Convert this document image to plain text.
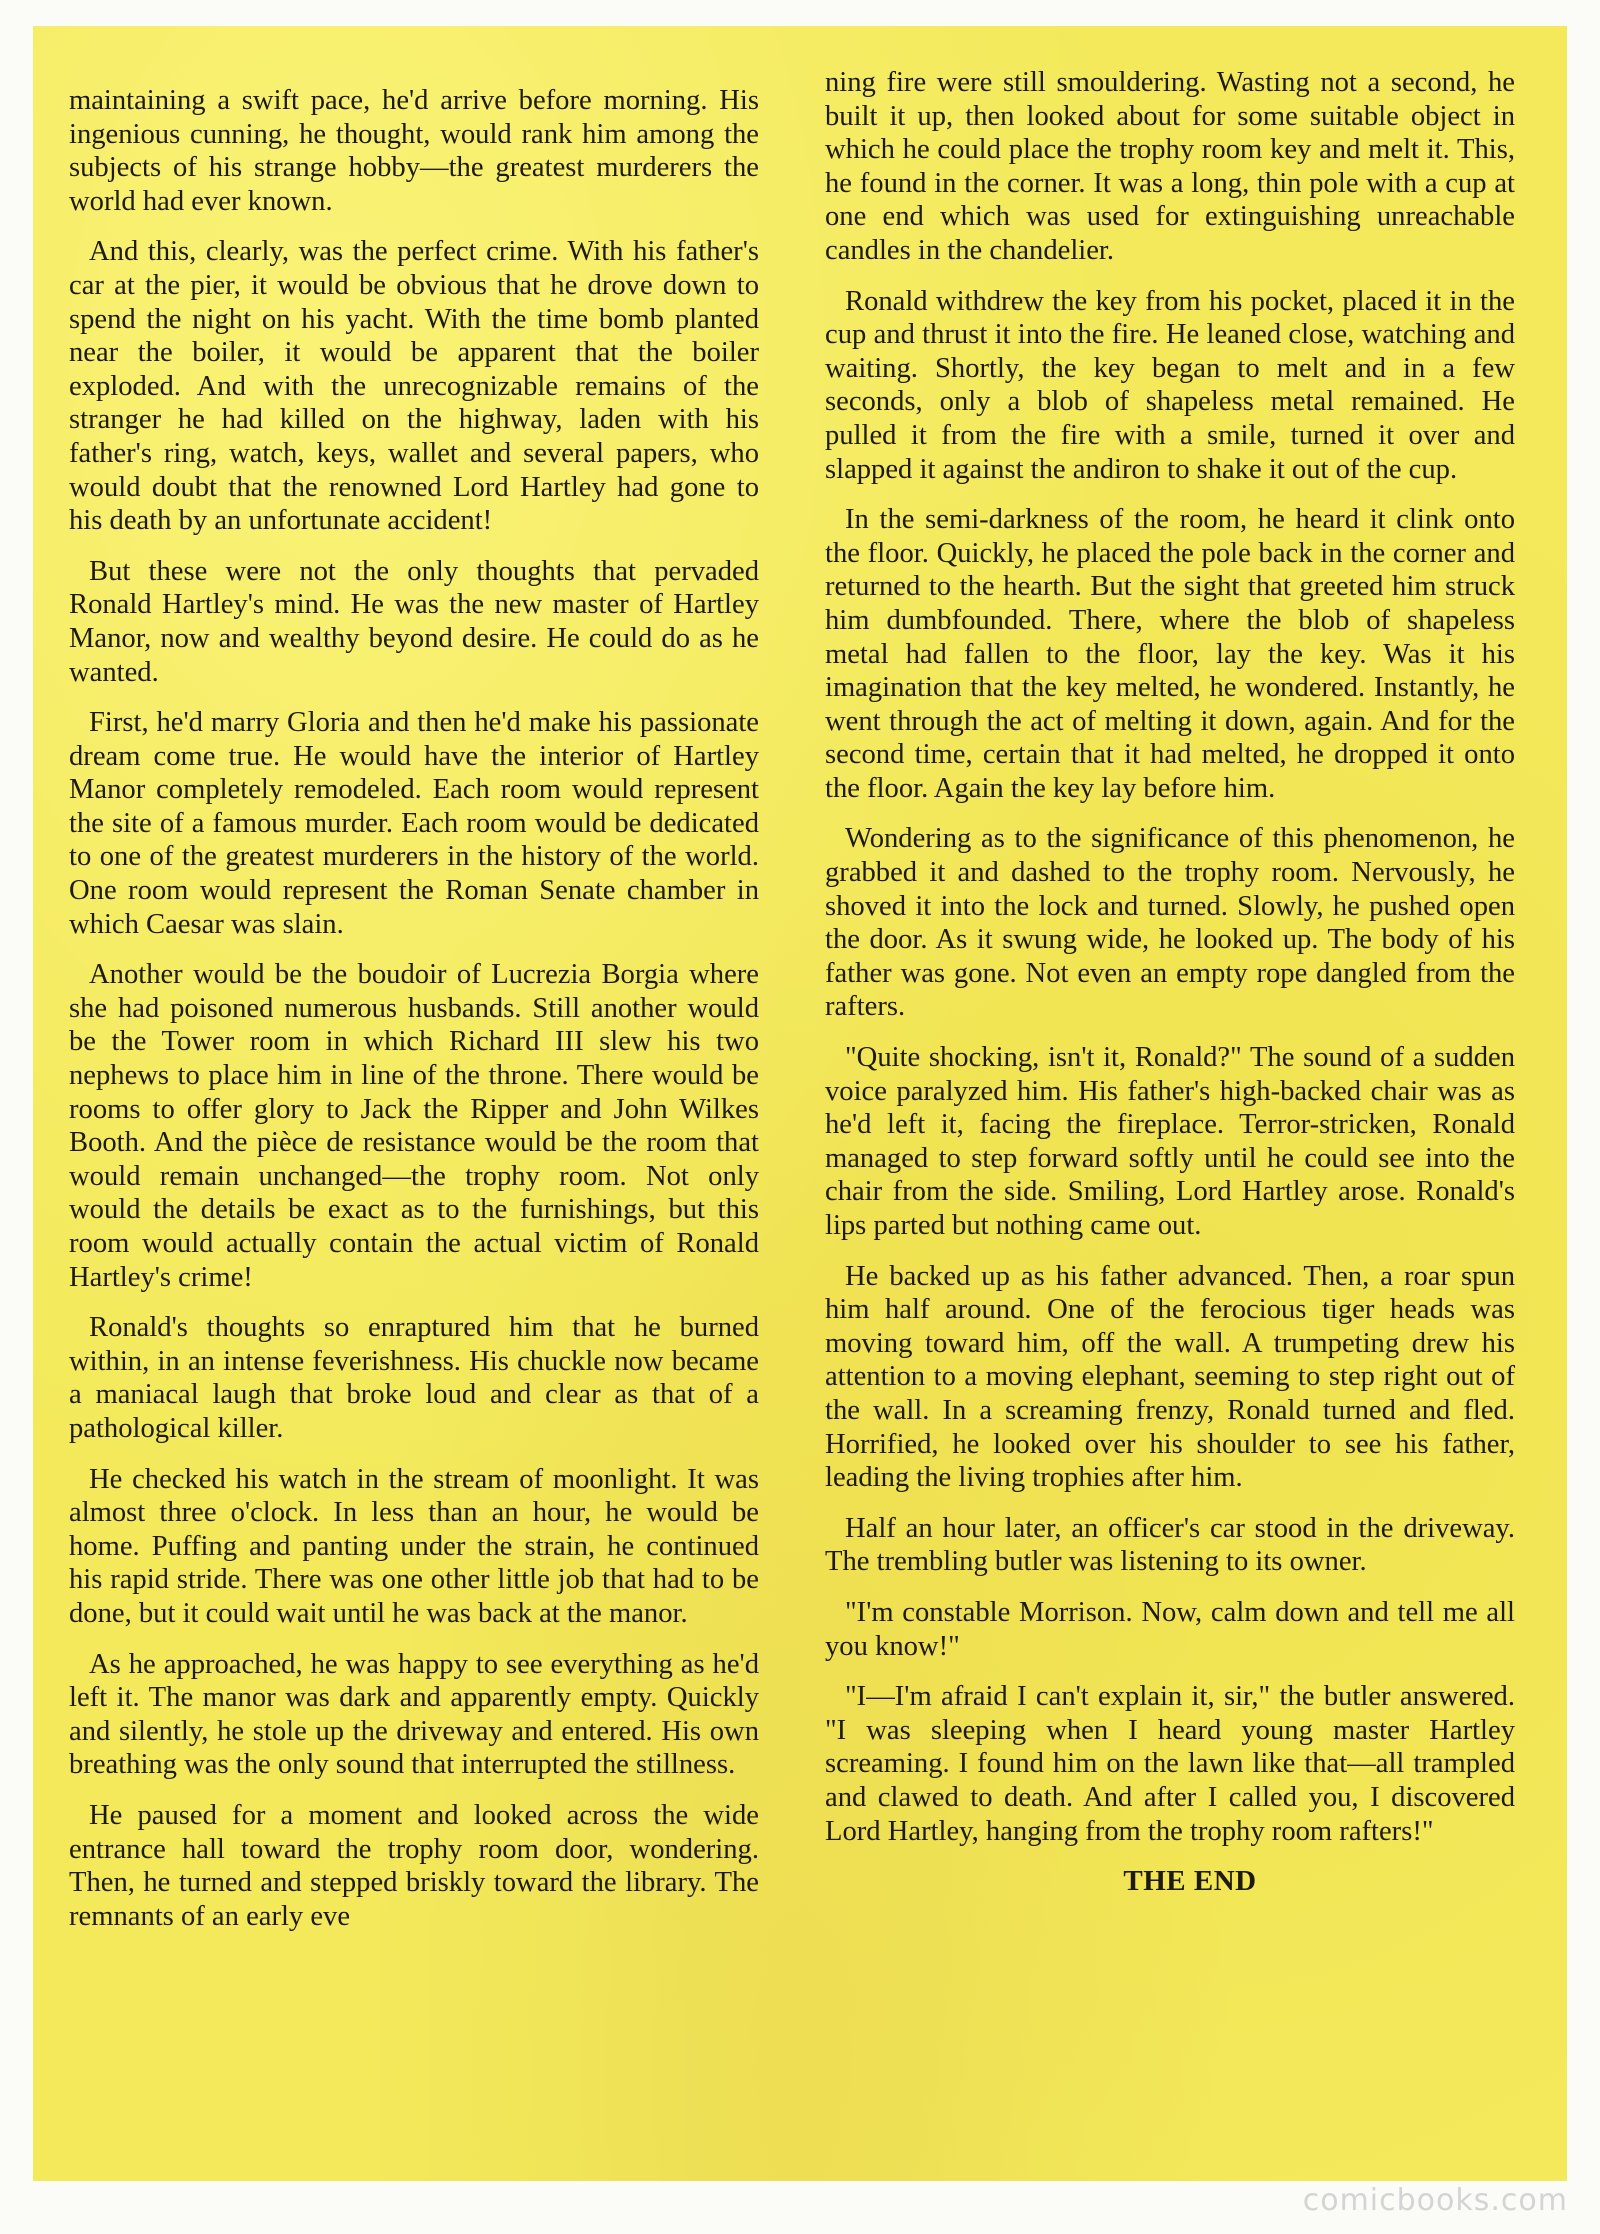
maintaining a swift pace, he'd arrive before morning. His ingenious cunning, he thought, would rank him among the subjects of his strange hobby—the greatest murderers the world had ever known.

And this, clearly, was the perfect crime. With his father's car at the pier, it would be obvious that he drove down to spend the night on his yacht. With the time bomb planted near the boiler, it would be apparent that the boiler exploded. And with the unrecognizable remains of the stranger he had killed on the highway, laden with his father's ring, watch, keys, wallet and several papers, who would doubt that the renowned Lord Hartley had gone to his death by an unfortunate accident!

But these were not the only thoughts that pervaded Ronald Hartley's mind. He was the new master of Hartley Manor, now and wealthy beyond desire. He could do as he wanted.

First, he'd marry Gloria and then he'd make his passionate dream come true. He would have the interior of Hartley Manor completely remodeled. Each room would represent the site of a famous murder. Each room would be dedicated to one of the greatest murderers in the history of the world. One room would represent the Roman Senate chamber in which Caesar was slain.

Another would be the boudoir of Lucrezia Borgia where she had poisoned numerous husbands. Still another would be the Tower room in which Richard III slew his two nephews to place him in line of the throne. There would be rooms to offer glory to Jack the Ripper and John Wilkes Booth. And the pièce de resistance would be the room that would remain unchanged—the trophy room. Not only would the details be exact as to the furnishings, but this room would actually contain the actual victim of Ronald Hartley's crime!

Ronald's thoughts so enraptured him that he burned within, in an intense feverishness. His chuckle now became a maniacal laugh that broke loud and clear as that of a pathological killer.

He checked his watch in the stream of moonlight. It was almost three o'clock. In less than an hour, he would be home. Puffing and panting under the strain, he continued his rapid stride. There was one other little job that had to be done, but it could wait until he was back at the manor.

As he approached, he was happy to see everything as he'd left it. The manor was dark and apparently empty. Quickly and silently, he stole up the driveway and entered. His own breathing was the only sound that interrupted the stillness.

He paused for a moment and looked across the wide entrance hall toward the trophy room door, wondering. Then, he turned and stepped briskly toward the library. The remnants of an early eve

ning fire were still smouldering. Wasting not a second, he built it up, then looked about for some suitable object in which he could place the trophy room key and melt it. This, he found in the corner. It was a long, thin pole with a cup at one end which was used for extinguishing unreachable candles in the chandelier.

Ronald withdrew the key from his pocket, placed it in the cup and thrust it into the fire. He leaned close, watching and waiting. Shortly, the key began to melt and in a few seconds, only a blob of shapeless metal remained. He pulled it from the fire with a smile, turned it over and slapped it against the andiron to shake it out of the cup.

In the semi-darkness of the room, he heard it clink onto the floor. Quickly, he placed the pole back in the corner and returned to the hearth. But the sight that greeted him struck him dumbfounded. There, where the blob of shapeless metal had fallen to the floor, lay the key. Was it his imagination that the key melted, he wondered. Instantly, he went through the act of melting it down, again. And for the second time, certain that it had melted, he dropped it onto the floor. Again the key lay before him.

Wondering as to the significance of this phenomenon, he grabbed it and dashed to the trophy room. Nervously, he shoved it into the lock and turned. Slowly, he pushed open the door. As it swung wide, he looked up. The body of his father was gone. Not even an empty rope dangled from the rafters.

"Quite shocking, isn't it, Ronald?" The sound of a sudden voice paralyzed him. His father's high-backed chair was as he'd left it, facing the fireplace. Terror-stricken, Ronald managed to step forward softly until he could see into the chair from the side. Smiling, Lord Hartley arose. Ronald's lips parted but nothing came out.

He backed up as his father advanced. Then, a roar spun him half around. One of the ferocious tiger heads was moving toward him, off the wall. A trumpeting drew his attention to a moving elephant, seeming to step right out of the wall. In a screaming frenzy, Ronald turned and fled. Horrified, he looked over his shoulder to see his father, leading the living trophies after him.

Half an hour later, an officer's car stood in the driveway. The trembling butler was listening to its owner.

"I'm constable Morrison. Now, calm down and tell me all you know!"

"I—I'm afraid I can't explain it, sir," the butler answered. "I was sleeping when I heard young master Hartley screaming. I found him on the lawn like that—all trampled and clawed to death. And after I called you, I discovered Lord Hartley, hanging from the trophy room rafters!"

THE END
comicbooks.com
